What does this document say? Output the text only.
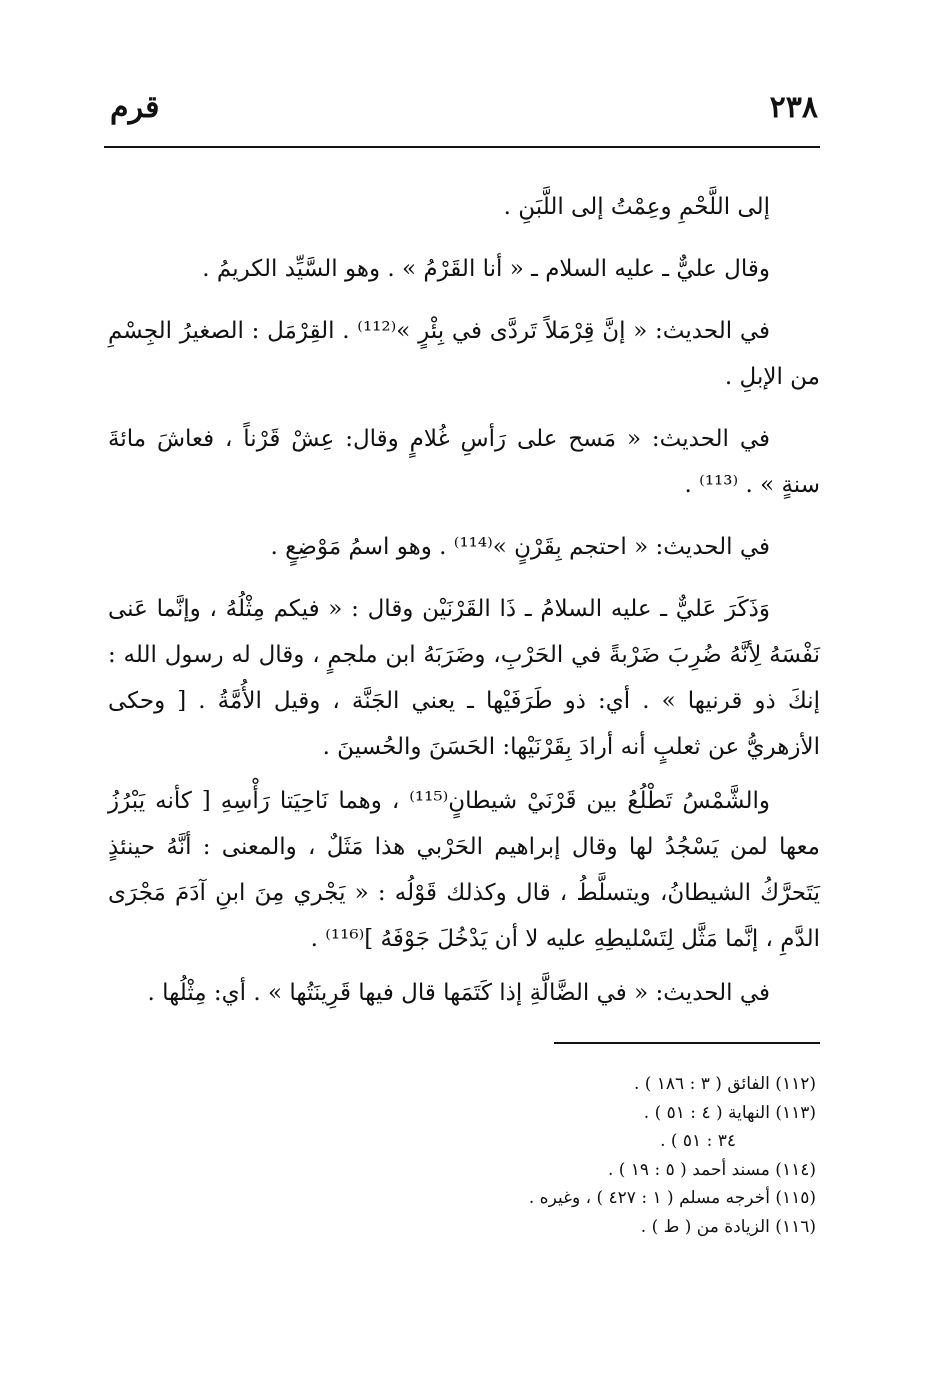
٢٣٨
قرم

إلى اللَّحْمِ وعِمْتُ إلى اللَّبَنِ .

وقال عليٌّ ـ عليه السلام ـ « أنا القَرْمُ » . وهو السَّيِّد الكريمُ .

في الحديث: « إنَّ قِرْمَلاً تَردَّى في بِئْرٍ »⁽¹¹²⁾ . القِرْمَل : الصغيرُ الجِسْمِ من الإبلِ .

في الحديث: « مَسح على رَأسِ غُلامٍ وقال: عِشْ قَرْناً ، فعاشَ مائةَ سنةٍ » . ⁽¹¹³⁾ .

في الحديث: « احتجم بِقَرْنٍ »⁽¹¹⁴⁾ . وهو اسمُ مَوْضِعٍ .

وَذَكَرَ عَليٌّ ـ عليه السلامُ ـ ذَا القَرْنَيْن وقال : « فيكم مِثْلُهُ ، وإنَّما عَنى نَفْسَهُ لِأنَّهُ ضُرِبَ ضَرْبةً في الحَرْبِ، وضَرَبَهُ ابن ملجمٍ ، وقال له رسول الله : إنكَ ذو قرنيها » . أي: ذو طَرَفَيْها ـ يعني الجَنَّة ، وقيل الأُمَّةُ . [ وحكى الأزهريُّ عن ثعلبٍ أنه أرادَ بِقَرْنَيْها: الحَسَنَ والحُسينَ .

والشَّمْسُ تَطْلُعُ بين قَرْنَيْ شيطانٍ⁽¹¹⁵⁾ ، وهما نَاحِيَتا رَأْسِهِ [ كأنه يَبْرُزُ معها لمن يَسْجُدُ لها وقال إبراهيم الحَرْبي هذا مَثَلٌ ، والمعنى : أنَّهُ حينئذٍ يَتَحرَّكُ الشيطانُ، ويتسلَّطُ ، قال وكذلك قَوْلُه : « يَجْري مِنَ ابنِ آدَمَ مَجْرَى الدَّمِ ، إنَّما مَثَّل لِتَسْليطِهِ عليه لا أن يَدْخُلَ جَوْفَهُ ]⁽¹¹⁶⁾ .

في الحديث: « في الضَّالَّةِ إذا كَتَمَها قال فيها قَرِينَتُها » . أي: مِثْلُها .

(١١٢) الفائق ( ٣ : ١٨٦ ) .
(١١٣) النهاية ( ٤ : ٥١ ) .
٣٤ : ٥١ ) .
(١١٤) مسند أحمد ( ٥ : ١٩ ) .
(١١٥) أخرجه مسلم ( ١ : ٤٢٧ ) ، وغيره .
(١١٦) الزيادة من ( ط ) .
